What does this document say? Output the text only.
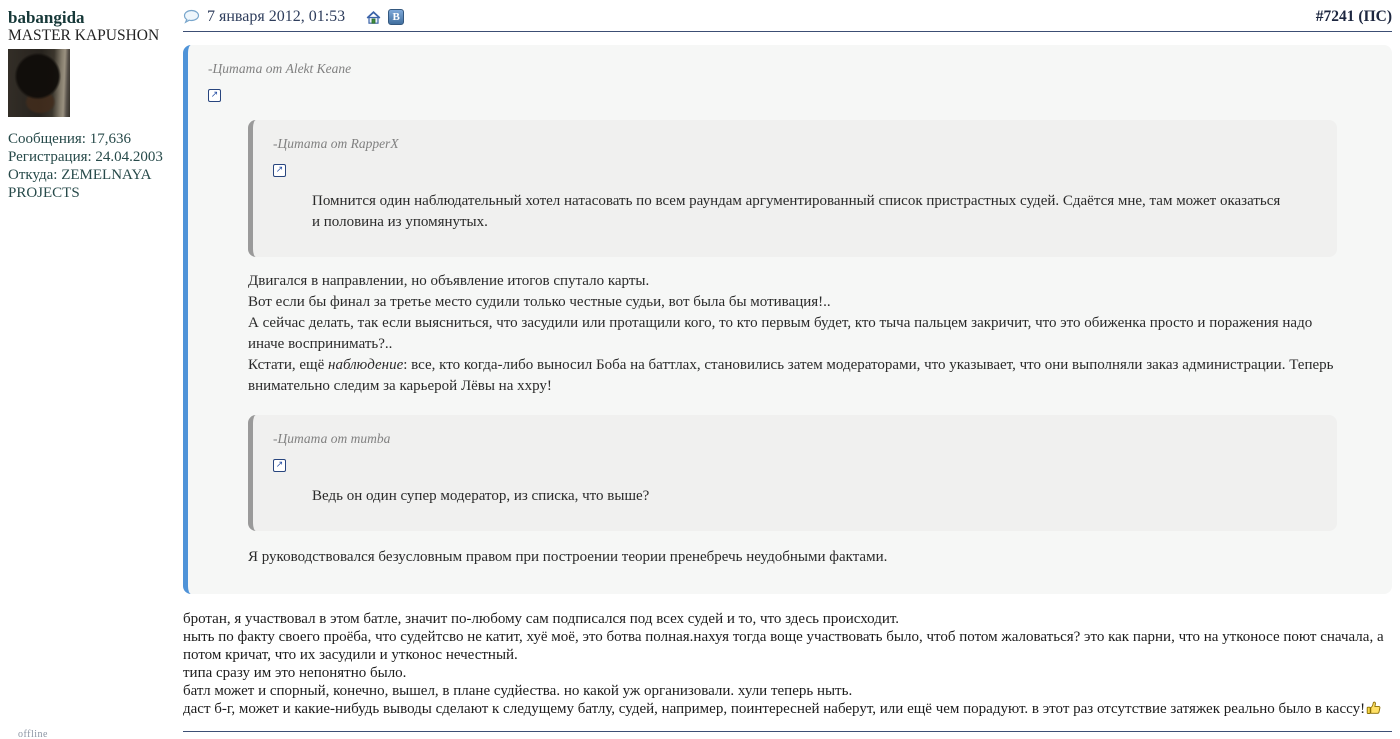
babangida
MASTER KAPUSHON
Сообщения: 17,636
Регистрация: 24.04.2003
Откуда: ZEMELNAYA PROJECTS
offline
7 января 2012, 01:53	В	#7241 (ПС)
-Цитата от Alekt Keane
↗
-Цитата от RapperX
↗
Помнится один наблюдательный хотел натасовать по всем раундам аргументированный список пристрастных судей. Сдаётся мне, там может оказаться и половина из упомянутых.
Двигался в направлении, но объявление итогов спутало карты.
Вот если бы финал за третье место судили только честные судьи, вот была бы мотивация!..
А сейчас делать, так если выясниться, что засудили или протащили кого, то кто первым будет, кто тыча пальцем закричит, что это обиженка просто и поражения надо иначе воспринимать?..
Кстати, ещё наблюдение: все, кто когда-либо выносил Боба на баттлах, становились затем модераторами, что указывает, что они выполняли заказ администрации. Теперь внимательно следим за карьерой Лёвы на ххру!
-Цитата от mumba
↗
Ведь он один супер модератор, из списка, что выше?
Я руководствовался безусловным правом при построении теории пренебречь неудобными фактами.

бротан, я участвовал в этом батле, значит по-любому сам подписался под всех судей и то, что здесь происходит.

ныть по факту своего проёба, что судейтсво не катит, хуё моё, это ботва полная.нахуя тогда воще участвовать было, чтоб потом жаловаться? это как парни, что на утконосе поют сначала, а потом кричат, что их засудили и утконос нечестный.

типа сразу им это непонятно было.

батл может и спорный, конечно, вышел, в плане судйества. но какой уж организовали. хули теперь ныть.

даст б-г, может и какие-нибудь выводы сделают к следущему батлу, судей, например, поинтересней наберут, или ещё чем порадуют. в этот раз отсутствие затяжек реально было в кассу!
